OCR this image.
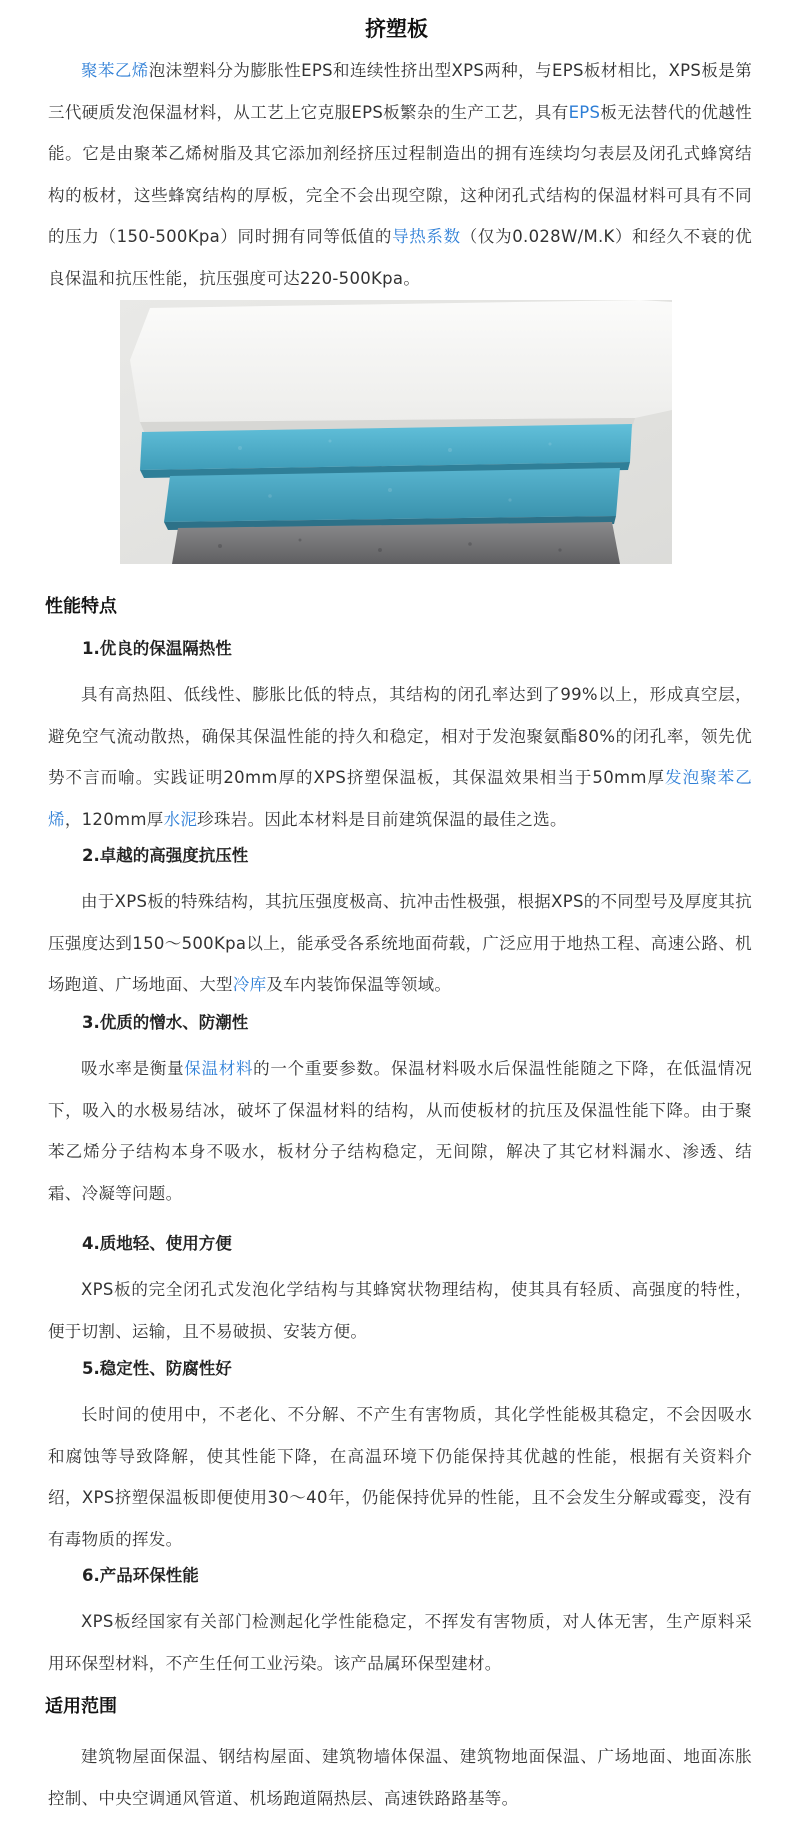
挤塑板

聚苯乙烯泡沫塑料分为膨胀性EPS和连续性挤出型XPS两种，与EPS板材相比，XPS板是第三代硬质发泡保温材料，从工艺上它克服EPS板繁杂的生产工艺，具有EPS板无法替代的优越性能。它是由聚苯乙烯树脂及其它添加剂经挤压过程制造出的拥有连续均匀表层及闭孔式蜂窝结构的板材，这些蜂窝结构的厚板，完全不会出现空隙，这种闭孔式结构的保温材料可具有不同的压力（150-500Kpa）同时拥有同等低值的导热系数（仅为0.028W/M.K）和经久不衰的优良保温和抗压性能，抗压强度可达220-500Kpa。

性能特点
1.优良的保温隔热性

具有高热阻、低线性、膨胀比低的特点，其结构的闭孔率达到了99%以上，形成真空层，避免空气流动散热，确保其保温性能的持久和稳定，相对于发泡聚氨酯80%的闭孔率，领先优势不言而喻。实践证明20mm厚的XPS挤塑保温板，其保温效果相当于50mm厚发泡聚苯乙烯，120mm厚水泥珍珠岩。因此本材料是目前建筑保温的最佳之选。

2.卓越的高强度抗压性

由于XPS板的特殊结构，其抗压强度极高、抗冲击性极强，根据XPS的不同型号及厚度其抗压强度达到150～500Kpa以上，能承受各系统地面荷载，广泛应用于地热工程、高速公路、机场跑道、广场地面、大型冷库及车内装饰保温等领域。

3.优质的憎水、防潮性

吸水率是衡量保温材料的一个重要参数。保温材料吸水后保温性能随之下降，在低温情况下，吸入的水极易结冰，破坏了保温材料的结构，从而使板材的抗压及保温性能下降。由于聚苯乙烯分子结构本身不吸水，板材分子结构稳定，无间隙，解决了其它材料漏水、渗透、结霜、冷凝等问题。

4.质地轻、使用方便

XPS板的完全闭孔式发泡化学结构与其蜂窝状物理结构，使其具有轻质、高强度的特性，便于切割、运输，且不易破损、安装方便。

5.稳定性、防腐性好

长时间的使用中，不老化、不分解、不产生有害物质，其化学性能极其稳定，不会因吸水和腐蚀等导致降解，使其性能下降，在高温环境下仍能保持其优越的性能，根据有关资料介绍，XPS挤塑保温板即便使用30～40年，仍能保持优异的性能，且不会发生分解或霉变，没有有毒物质的挥发。

6.产品环保性能

XPS板经国家有关部门检测起化学性能稳定，不挥发有害物质，对人体无害，生产原料采用环保型材料，不产生任何工业污染。该产品属环保型建材。

适用范围

建筑物屋面保温、钢结构屋面、建筑物墙体保温、建筑物地面保温、广场地面、地面冻胀控制、中央空调通风管道、机场跑道隔热层、高速铁路路基等。
